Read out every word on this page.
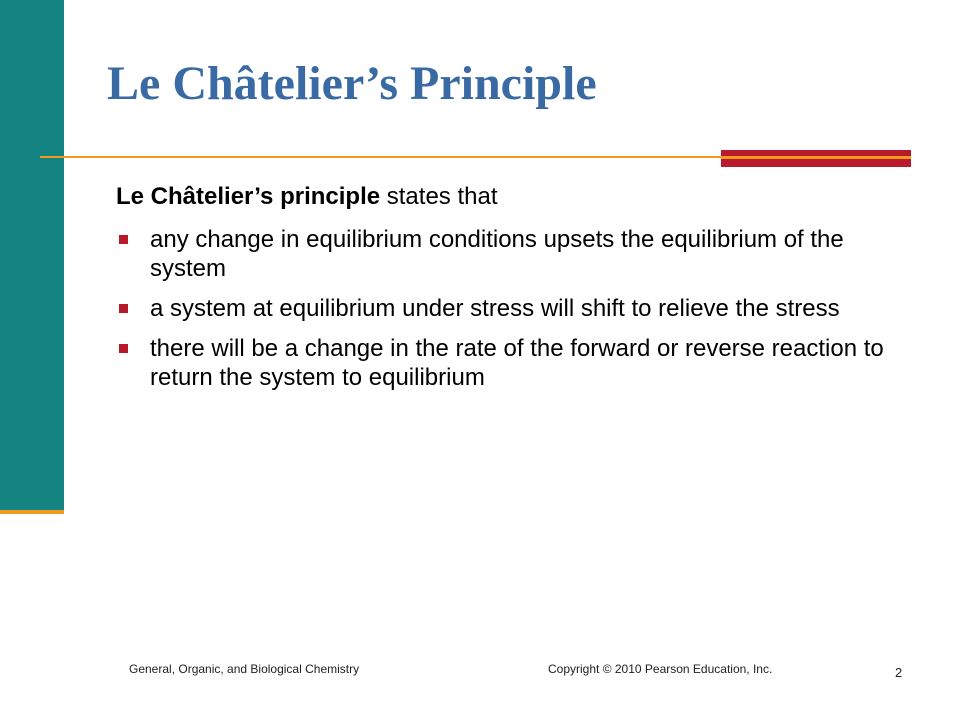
Le Châtelier’s Principle

Le Châtelier’s principle states that

any change in equilibrium conditions upsets the equilibrium of the system
a system at equilibrium under stress will shift to relieve the stress
there will be a change in the rate of the forward or reverse reaction to return the system to equilibrium
General, Organic, and Biological Chemistry	Copyright © 2010 Pearson Education, Inc.	2
